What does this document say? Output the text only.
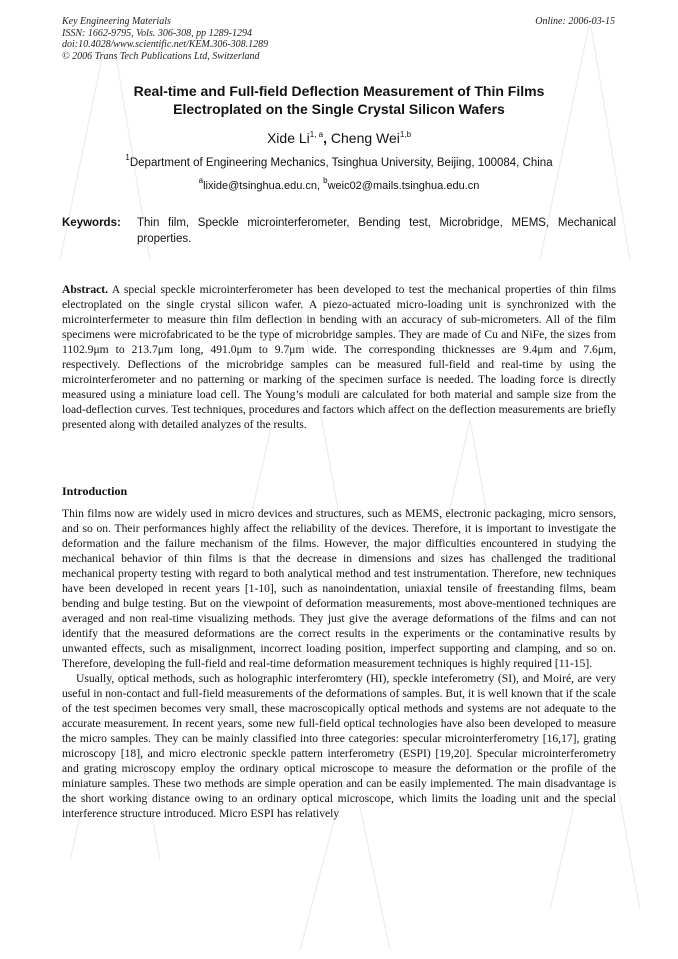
Key Engineering Materials
ISSN: 1662-9795, Vols. 306-308, pp 1289-1294
doi:10.4028/www.scientific.net/KEM.306-308.1289
© 2006 Trans Tech Publications Ltd, Switzerland
Online: 2006-03-15
Real-time and Full-field Deflection Measurement of Thin Films
Electroplated on the Single Crystal Silicon Wafers
Xide Li$^{1, a}$, Cheng Wei$^{1,b}$
$^1$Department of Engineering Mechanics, Tsinghua University, Beijing, 100084, China
$^a$lixide@tsinghua.edu.cn, $^b$weic02@mails.tsinghua.edu.cn
Keywords: Thin film, Speckle microinterferometer, Bending test, Microbridge, MEMS, Mechanical properties.
Abstract. A special speckle microinterferometer has been developed to test the mechanical properties of thin films electroplated on the single crystal silicon wafer. A piezo-actuated micro-loading unit is synchronized with the microinterfermeter to measure thin film deflection in bending with an accuracy of sub-micrometers. All of the film specimens were microfabricated to be the type of microbridge samples. They are made of Cu and NiFe, the sizes from 1102.9μm to 213.7μm long, 491.0μm to 9.7μm wide. The corresponding thicknesses are 9.4μm and 7.6μm, respectively. Deflections of the microbridge samples can be measured full-field and real-time by using the microinterferometer and no patterning or marking of the specimen surface is needed. The loading force is directly measured using a miniature load cell. The Young’s moduli are calculated for both material and sample size from the load-deflection curves. Test techniques, procedures and factors which affect on the deflection measurements are briefly presented along with detailed analyzes of the results.
Introduction

Thin films now are widely used in micro devices and structures, such as MEMS, electronic packaging, micro sensors, and so on. Their performances highly affect the reliability of the devices. Therefore, it is important to investigate the deformation and the failure mechanism of the films. However, the major difficulties encountered in studying the mechanical behavior of thin films is that the decrease in dimensions and sizes has challenged the traditional mechanical property testing with regard to both analytical method and test instrumentation. Therefore, new techniques have been developed in recent years [1-10], such as nanoindentation, uniaxial tensile of freestanding films, beam bending and bulge testing. But on the viewpoint of deformation measurements, most above-mentioned techniques are averaged and non real-time visualizing methods. They just give the average deformations of the films and can not identify that the measured deformations are the correct results in the experiments or the contaminative results by unwanted effects, such as misalignment, incorrect loading position, imperfect supporting and clamping, and so on. Therefore, developing the full-field and real-time deformation measurement techniques is highly required [11-15].

Usually, optical methods, such as holographic interferomtery (HI), speckle inteferometry (SI), and Moiré, are very useful in non-contact and full-field measurements of the deformations of samples. But, it is well known that if the scale of the test specimen becomes very small, these macroscopically optical methods and systems are not adequate to the accurate measurement. In recent years, some new full-field optical technologies have also been developed to measure the micro samples. They can be mainly classified into three categories: specular microinterferometry [16,17], grating microscopy [18], and micro electronic speckle pattern interferometry (ESPI) [19,20]. Specular microinterferometry and grating microscopy employ the ordinary optical microscope to measure the deformation or the profile of the miniature samples. These two methods are simple operation and can be easily implemented. The main disadvantage is the short working distance owing to an ordinary optical microscope, which limits the loading unit and the special interference structure introduced. Micro ESPI has relatively
